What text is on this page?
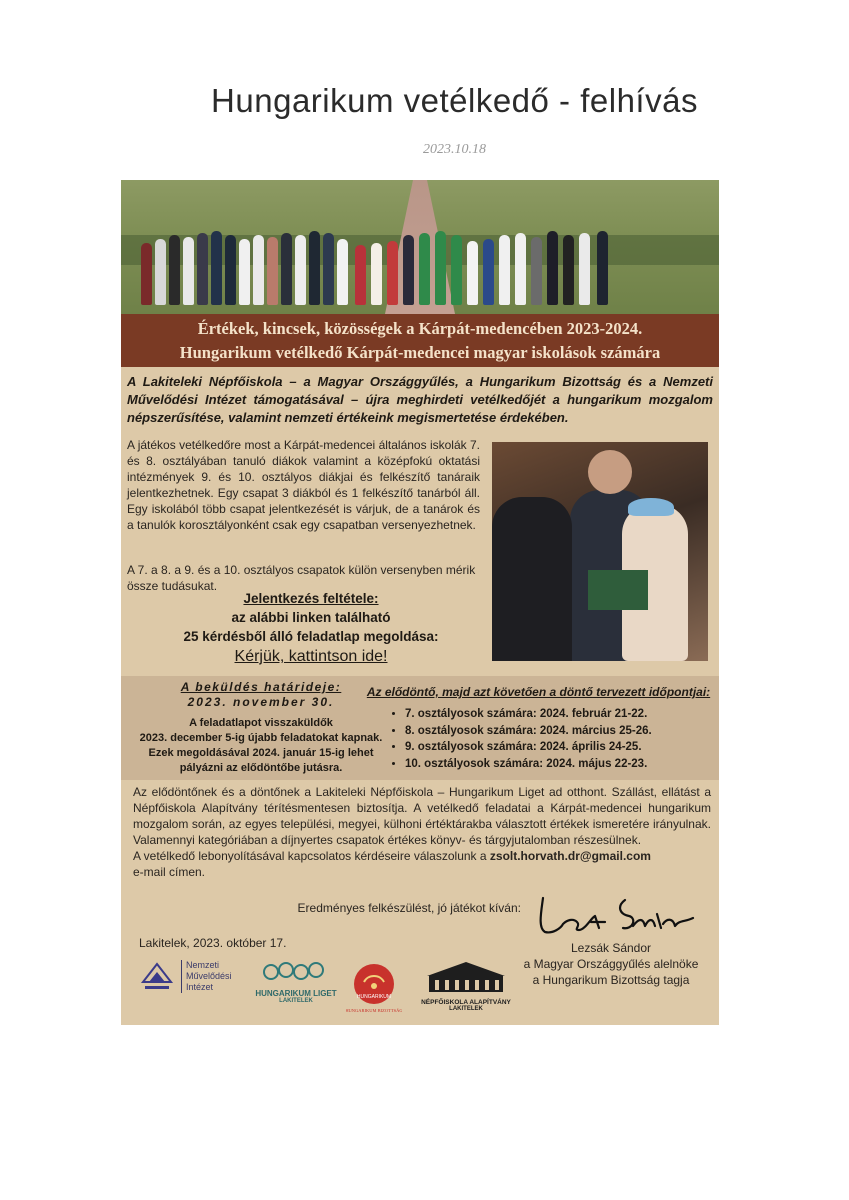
Hungarikum vetélkedő - felhívás
2023.10.18
Értékek, kincsek, közösségek a Kárpát-medencében 2023-2024.
Hungarikum vetélkedő Kárpát-medencei magyar iskolások számára
A Lakiteleki Népfőiskola – a Magyar Országgyűlés, a Hungarikum Bizottság és a Nemzeti Művelődési Intézet támogatásával – újra meghirdeti vetélkedőjét a hungarikum mozgalom népszerűsítése, valamint nemzeti értékeink megismertetése érdekében.
A játékos vetélkedőre most a Kárpát-medencei általános iskolák 7. és 8. osztályában tanuló diákok valamint a középfokú oktatási intézmények 9. és 10. osztályos diákjai és felkészítő tanáraik jelentkezhetnek. Egy csapat 3 diákból és 1 felkészítő tanárból áll. Egy iskolából több csapat jelentkezését is várjuk, de a tanárok és a tanulók korosztályonként csak egy csapatban versenyezhetnek.
A 7. a 8. a 9. és a 10. osztályos csapatok külön versenyben mérik össze tudásukat.
Jelentkezés feltétele:
az alábbi linken található
25 kérdésből álló feladatlap megoldása:
Kérjük, kattintson ide!
A beküldés határideje:
2023. november 30.
A feladatlapot visszaküldők
2023. december 5-ig újabb feladatokat kapnak.
Ezek megoldásával 2024. január 15-ig lehet
pályázni az elődöntőbe jutásra.
Az elődöntő, majd azt követően a döntő tervezett időpontjai:
• 7. osztályosok számára: 2024. február 21-22.
• 8. osztályosok számára: 2024. március 25-26.
• 9. osztályosok számára: 2024. április 24-25.
• 10. osztályosok számára: 2024. május 22-23.
Az elődöntőnek és a döntőnek a Lakiteleki Népfőiskola – Hungarikum Liget ad otthont. Szállást, ellátást a Népfőiskola Alapítvány térítésmentesen biztosítja. A vetélkedő feladatai a Kárpát-medencei hungarikum mozgalom során, az egyes települési, megyei, külhoni értéktárakba választott értékek ismeretére irányulnak. Valamennyi kategóriában a díjnyertes csapatok értékes könyv- és tárgyjutalomban részesülnek.
A vetélkedő lebonyolításával kapcsolatos kérdéseire válaszolunk a zsolt.horvath.dr@gmail.com
e-mail címen.
Eredményes felkészülést, jó játékot kíván:
Lakitelek, 2023. október 17.	Lezsák Sándor
a Magyar Országgyűlés alelnöke
a Hungarikum Bizottság tagja
Nemzeti Művelődési Intézet
HUNGARIKUM LIGET
LAKITELEK
HUNGARIKUM
HUNGARIKUM BIZOTTSÁG
NÉPFŐISKOLA ALAPÍTVÁNY
LAKITELEK
